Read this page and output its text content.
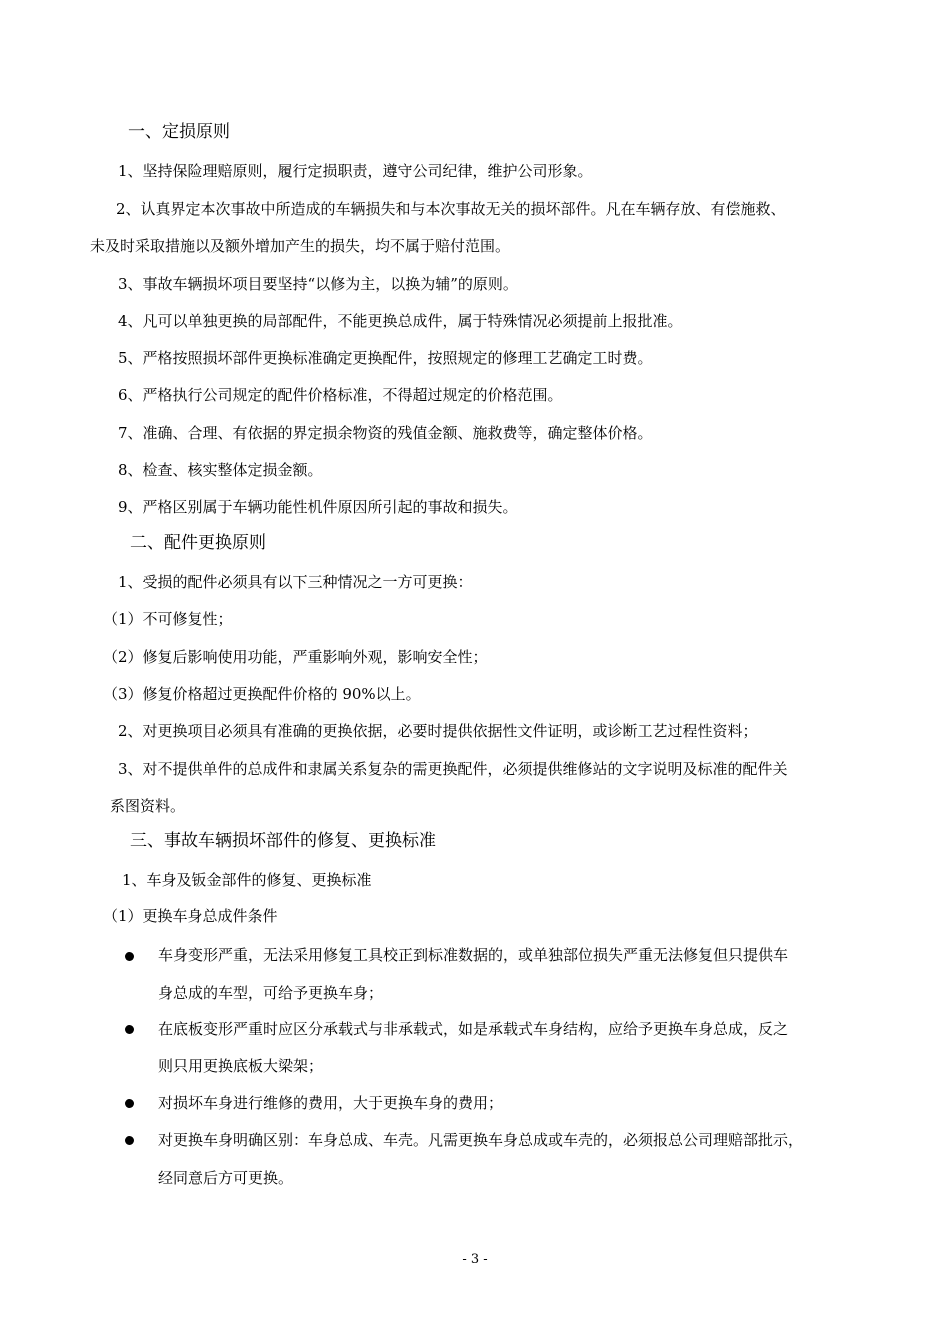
一、定损原则
1、坚持保险理赔原则，履行定损职责，遵守公司纪律，维护公司形象。
2、认真界定本次事故中所造成的车辆损失和与本次事故无关的损坏部件。凡在车辆存放、有偿施救、
未及时采取措施以及额外增加产生的损失，均不属于赔付范围。
3、事故车辆损坏项目要坚持“以修为主，以换为辅”的原则。
4、凡可以单独更换的局部配件，不能更换总成件，属于特殊情况必须提前上报批准。
5、严格按照损坏部件更换标准确定更换配件，按照规定的修理工艺确定工时费。
6、严格执行公司规定的配件价格标准，不得超过规定的价格范围。
7、准确、合理、有依据的界定损余物资的残值金额、施救费等，确定整体价格。
8、检查、核实整体定损金额。
9、严格区别属于车辆功能性机件原因所引起的事故和损失。
二、配件更换原则
1、受损的配件必须具有以下三种情况之一方可更换：
（1）不可修复性；
（2）修复后影响使用功能，严重影响外观，影响安全性；
（3）修复价格超过更换配件价格的 90%以上。
2、对更换项目必须具有准确的更换依据，必要时提供依据性文件证明，或诊断工艺过程性资料；
3、对不提供单件的总成件和隶属关系复杂的需更换配件，必须提供维修站的文字说明及标准的配件关
系图资料。
三、事故车辆损坏部件的修复、更换标准
1、车身及钣金部件的修复、更换标准
（1）更换车身总成件条件
车身变形严重，无法采用修复工具校正到标准数据的，或单独部位损失严重无法修复但只提供车
身总成的车型，可给予更换车身；
在底板变形严重时应区分承载式与非承载式，如是承载式车身结构，应给予更换车身总成，反之
则只用更换底板大梁架；
对损坏车身进行维修的费用，大于更换车身的费用；
对更换车身明确区别：车身总成、车壳。凡需更换车身总成或车壳的，必须报总公司理赔部批示，
经同意后方可更换。
- 3 -
